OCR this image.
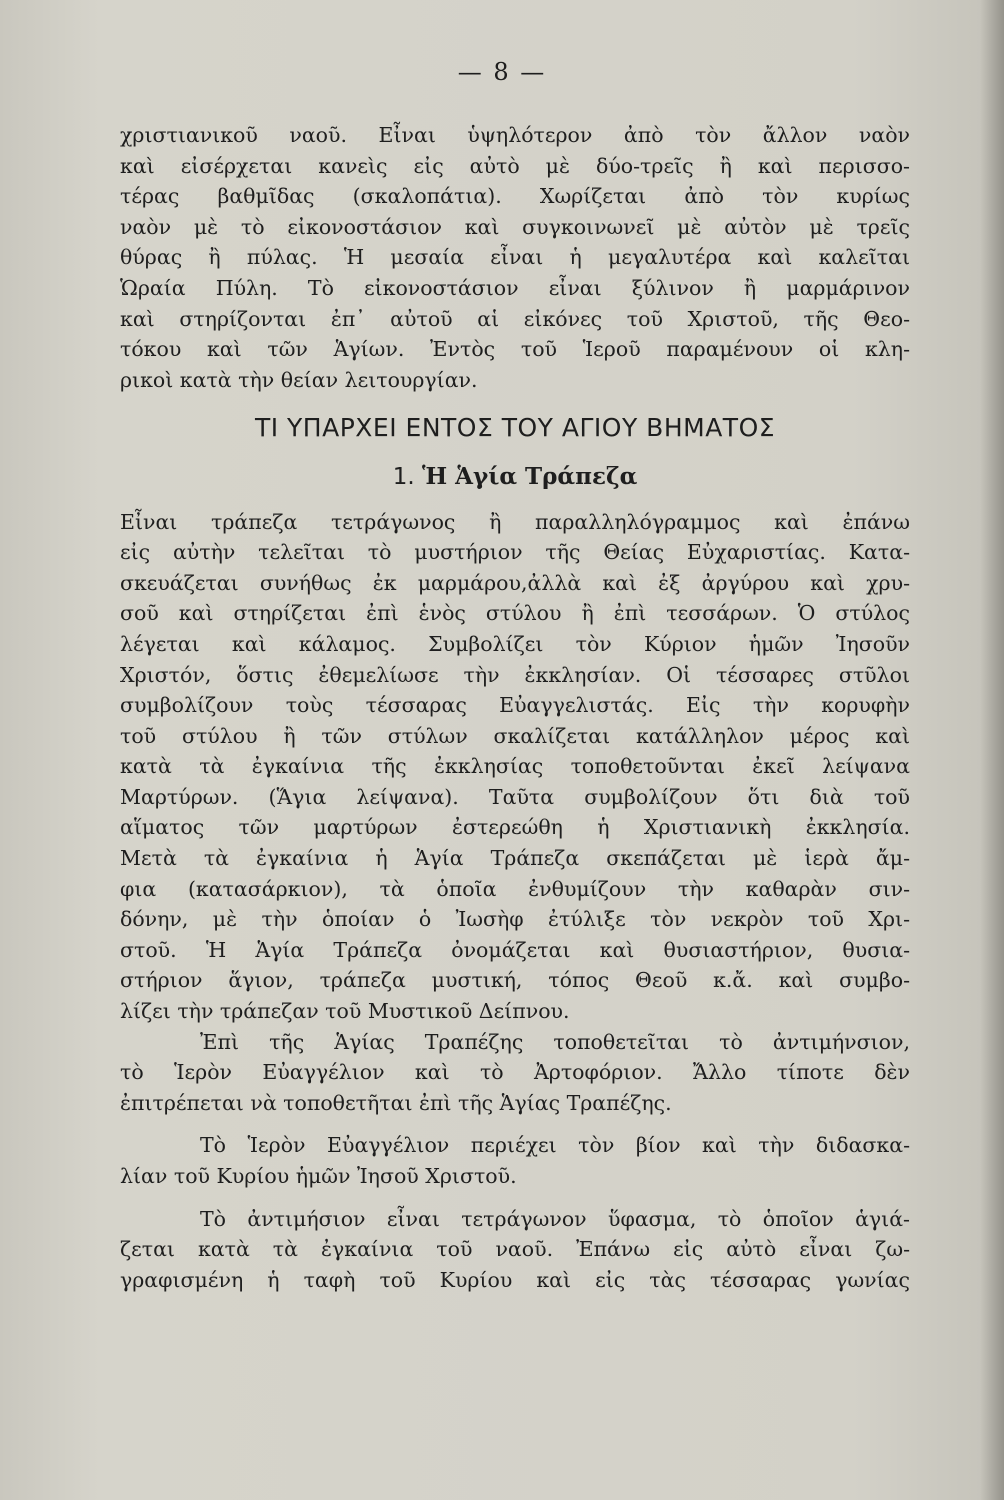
— 8 —
χριστιανικοῦ ναοῦ. Εἶναι ὑψηλότερον ἀπὸ τὸν ἄλλον ναὸν
καὶ εἰσέρχεται κανεὶς εἰς αὐτὸ μὲ δύο-τρεῖς ἢ καὶ περισσο-
τέρας βαθμῖδας (σκαλοπάτια). Χωρίζεται ἀπὸ τὸν κυρίως
ναὸν μὲ τὸ εἰκονοστάσιον καὶ συγκοινωνεῖ μὲ αὐτὸν μὲ τρεῖς
θύρας ἢ πύλας. Ἡ μεσαία εἶναι ἡ μεγαλυτέρα καὶ καλεῖται
Ὡραία Πύλη. Τὸ εἰκονοστάσιον εἶναι ξύλινον ἢ μαρμάρινον
καὶ στηρίζονται ἐπ᾿ αὐτοῦ αἱ εἰκόνες τοῦ Χριστοῦ, τῆς Θεο-
τόκου καὶ τῶν Ἁγίων. Ἐντὸς τοῦ Ἱεροῦ παραμένουν οἱ κλη-
ρικοὶ κατὰ τὴν θείαν λειτουργίαν.
ΤΙ ΥΠΑΡΧΕΙ ΕΝΤΟΣ ΤΟΥ ΑΓΙΟΥ ΒΗΜΑΤΟΣ
1. Ἡ Ἁγία Τράπεζα
Εἶναι τράπεζα τετράγωνος ἢ παραλληλόγραμμος καὶ ἐπάνω
εἰς αὐτὴν τελεῖται τὸ μυστήριον τῆς Θείας Εὐχαριστίας. Κατα-
σκευάζεται συνήθως ἐκ μαρμάρου,ἀλλὰ καὶ ἐξ ἀργύρου καὶ χρυ-
σοῦ καὶ στηρίζεται ἐπὶ ἑνὸς στύλου ἢ ἐπὶ τεσσάρων. Ὁ στύλος
λέγεται καὶ κάλαμος. Συμβολίζει τὸν Κύριον ἡμῶν Ἰησοῦν
Χριστόν, ὅστις ἐθεμελίωσε τὴν ἐκκλησίαν. Οἱ τέσσαρες στῦλοι
συμβολίζουν τοὺς τέσσαρας Εὐαγγελιστάς. Εἰς τὴν κορυφὴν
τοῦ στύλου ἢ τῶν στύλων σκαλίζεται κατάλληλον μέρος καὶ
κατὰ τὰ ἐγκαίνια τῆς ἐκκλησίας τοποθετοῦνται ἐκεῖ λείψανα
Μαρτύρων. (Ἅγια λείψανα). Ταῦτα συμβολίζουν ὅτι διὰ τοῦ
αἵματος τῶν μαρτύρων ἐστερεώθη ἡ Χριστιανικὴ ἐκκλησία.
Μετὰ τὰ ἐγκαίνια ἡ Ἁγία Τράπεζα σκεπάζεται μὲ ἱερὰ ἄμ-
φια (κατασάρκιον), τὰ ὁποῖα ἐνθυμίζουν τὴν καθαρὰν σιν-
δόνην, μὲ τὴν ὁποίαν ὁ Ἰωσὴφ ἐτύλιξε τὸν νεκρὸν τοῦ Χρι-
στοῦ. Ἡ Ἁγία Τράπεζα ὀνομάζεται καὶ θυσιαστήριον, θυσια-
στήριον ἅγιον, τράπεζα μυστική, τόπος Θεοῦ κ.ἄ. καὶ συμβο-
λίζει τὴν τράπεζαν τοῦ Μυστικοῦ Δείπνου.
Ἐπὶ τῆς Ἁγίας Τραπέζης τοποθετεῖται τὸ ἀντιμήνσιον,
τὸ Ἱερὸν Εὐαγγέλιον καὶ τὸ Ἀρτοφόριον. Ἄλλο τίποτε δὲν
ἐπιτρέπεται νὰ τοποθετῆται ἐπὶ τῆς Ἁγίας Τραπέζης.
Τὸ Ἱερὸν Εὐαγγέλιον περιέχει τὸν βίον καὶ τὴν διδασκα-
λίαν τοῦ Κυρίου ἡμῶν Ἰησοῦ Χριστοῦ.
Τὸ ἀντιμήσιον εἶναι τετράγωνον ὕφασμα, τὸ ὁποῖον ἁγιά-
ζεται κατὰ τὰ ἐγκαίνια τοῦ ναοῦ. Ἐπάνω εἰς αὐτὸ εἶναι ζω-
γραφισμένη ἡ ταφὴ τοῦ Κυρίου καὶ εἰς τὰς τέσσαρας γωνίας
